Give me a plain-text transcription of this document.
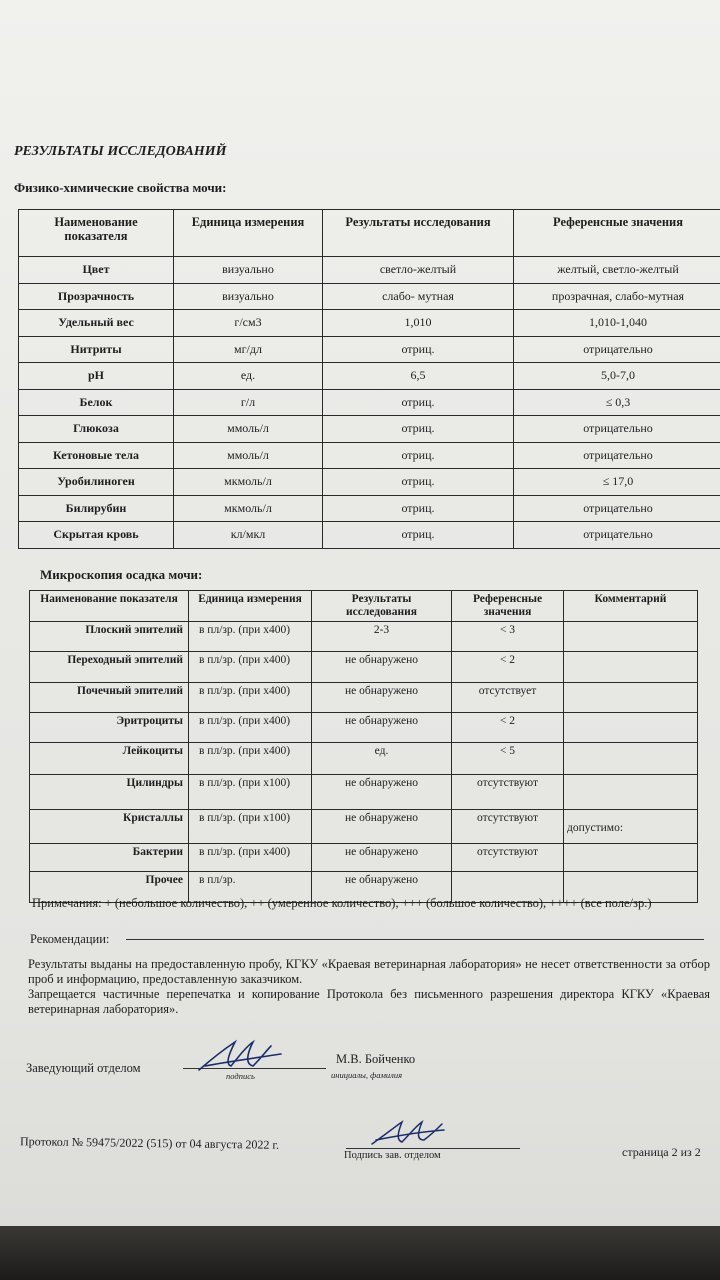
РЕЗУЛЬТАТЫ ИССЛЕДОВАНИЙ
Физико-химические свойства мочи:
Наименование показателя	Единица измерения	Результаты исследования	Референсные значения
Цвет	визуально	светло-желтый	желтый, светло-желтый
Прозрачность	визуально	слабо- мутная	прозрачная, слабо-мутная
Удельный вес	г/см3	1,010	1,010-1,040
Нитриты	мг/дл	отриц.	отрицательно
pH	ед.	6,5	5,0-7,0
Белок	г/л	отриц.	≤ 0,3
Глюкоза	ммоль/л	отриц.	отрицательно
Кетоновые тела	ммоль/л	отриц.	отрицательно
Уробилиноген	мкмоль/л	отриц.	≤ 17,0
Билирубин	мкмоль/л	отриц.	отрицательно
Скрытая кровь	кл/мкл	отриц.	отрицательно
Микроскопия осадка мочи:
Наименование показателя	Единица измерения	Результаты исследования	Референсные значения	Комментарий
Плоский эпителий	в пл/зр. (при х400)	2-3	< 3	
Переходный эпителий	в пл/зр. (при х400)	не обнаружено	< 2	
Почечный эпителий	в пл/зр. (при х400)	не обнаружено	отсутствует	
Эритроциты	в пл/зр. (при х400)	не обнаружено	< 2	
Лейкоциты	в пл/зр. (при х400)	ед.	< 5	
Цилиндры	в пл/зр. (при х100)	не обнаружено	отсутствуют	
Кристаллы	в пл/зр. (при х100)	не обнаружено	отсутствуют	допустимо:
Бактерии	в пл/зр. (при х400)	не обнаружено	отсутствуют	
Прочее	в пл/зр.	не обнаружено		
Примечания: + (небольшое количество), ++ (умеренное количество), +++ (большое количество), ++++ (все поле/зр.)
Рекомендации:

Результаты выданы на предоставленную пробу, КГКУ «Краевая ветеринарная лаборатория» не несет ответственности за отбор проб и информацию, предоставленную заказчиком.

Запрещается частичные перепечатка и копирование Протокола без письменного разрешения директора КГКУ «Краевая ветеринарная лаборатория».

Заведующий отделом
подпись
М.В. Бойченко
инициалы, фамилия
Протокол № 59475/2022 (515) от 04 августа 2022 г.
Подпись зав. отделом	страница 2 из 2
